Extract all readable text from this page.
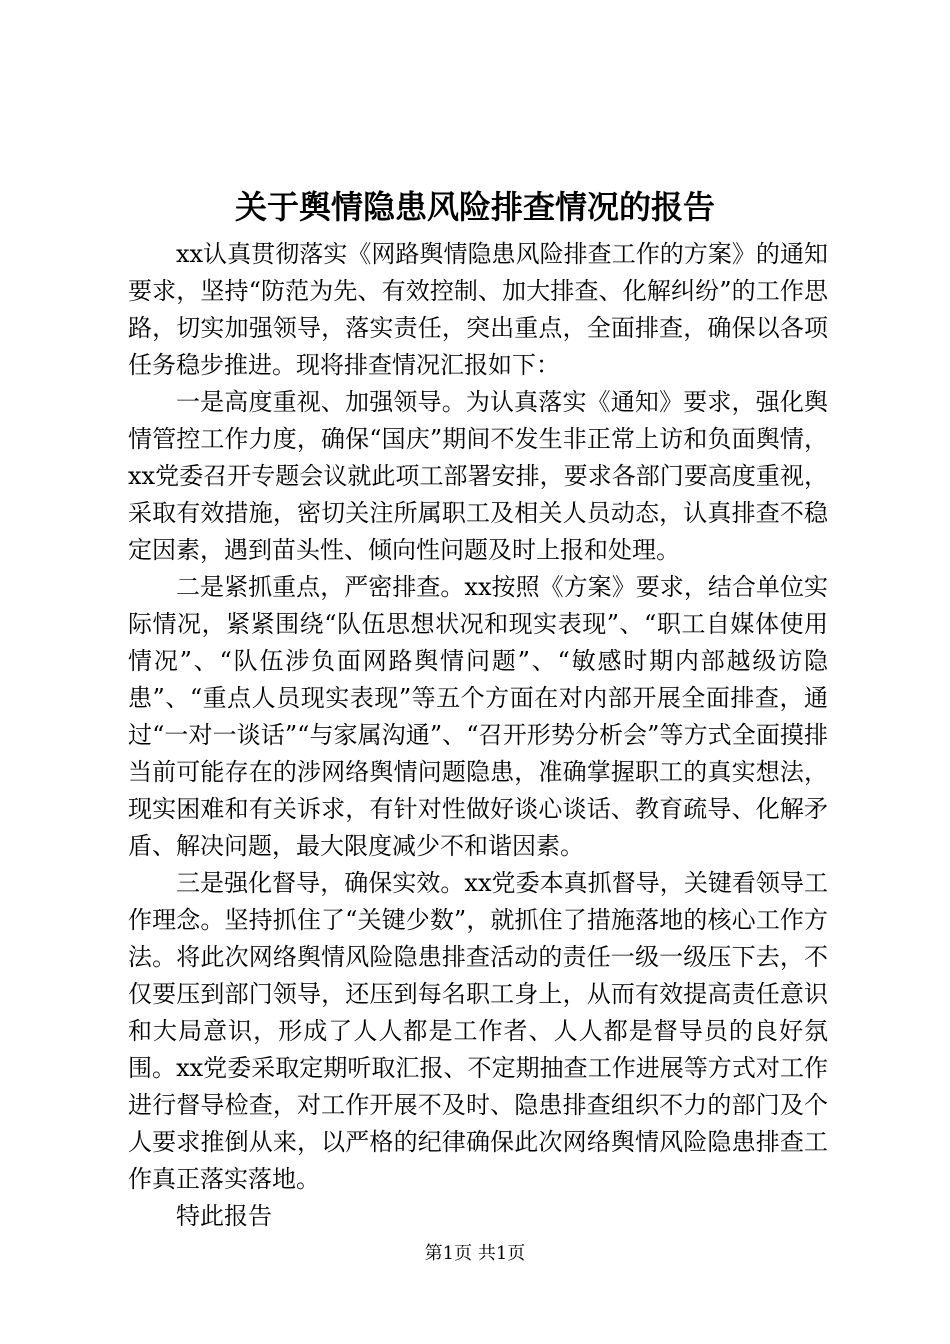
关于舆情隐患风险排查情况的报告

xx认真贯彻落实《网路舆情隐患风险排查工作的方案》的通知要求，坚持“防范为先、有效控制、加大排查、化解纠纷”的工作思路，切实加强领导，落实责任，突出重点，全面排查，确保以各项任务稳步推进。现将排查情况汇报如下：

一是高度重视、加强领导。为认真落实《通知》要求，强化舆情管控工作力度，确保“国庆”期间不发生非正常上访和负面舆情，xx党委召开专题会议就此项工部署安排，要求各部门要高度重视，采取有效措施，密切关注所属职工及相关人员动态，认真排查不稳定因素，遇到苗头性、倾向性问题及时上报和处理。

二是紧抓重点，严密排查。xx按照《方案》要求，结合单位实际情况，紧紧围绕“队伍思想状况和现实表现”、“职工自媒体使用情况”、“队伍涉负面网路舆情问题”、“敏感时期内部越级访隐患”、“重点人员现实表现”等五个方面在对内部开展全面排查，通过“一对一谈话”“与家属沟通”、“召开形势分析会”等方式全面摸排当前可能存在的涉网络舆情问题隐患，准确掌握职工的真实想法，现实困难和有关诉求，有针对性做好谈心谈话、教育疏导、化解矛盾、解决问题，最大限度减少不和谐因素。

三是强化督导，确保实效。xx党委本真抓督导，关键看领导工作理念。坚持抓住了“关键少数”，就抓住了措施落地的核心工作方法。将此次网络舆情风险隐患排查活动的责任一级一级压下去，不仅要压到部门领导，还压到每名职工身上，从而有效提高责任意识和大局意识，形成了人人都是工作者、人人都是督导员的良好氛围。xx党委采取定期听取汇报、不定期抽查工作进展等方式对工作进行督导检查，对工作开展不及时、隐患排查组织不力的部门及个人要求推倒从来，以严格的纪律确保此次网络舆情风险隐患排查工作真正落实落地。

特此报告

第1页 共1页
